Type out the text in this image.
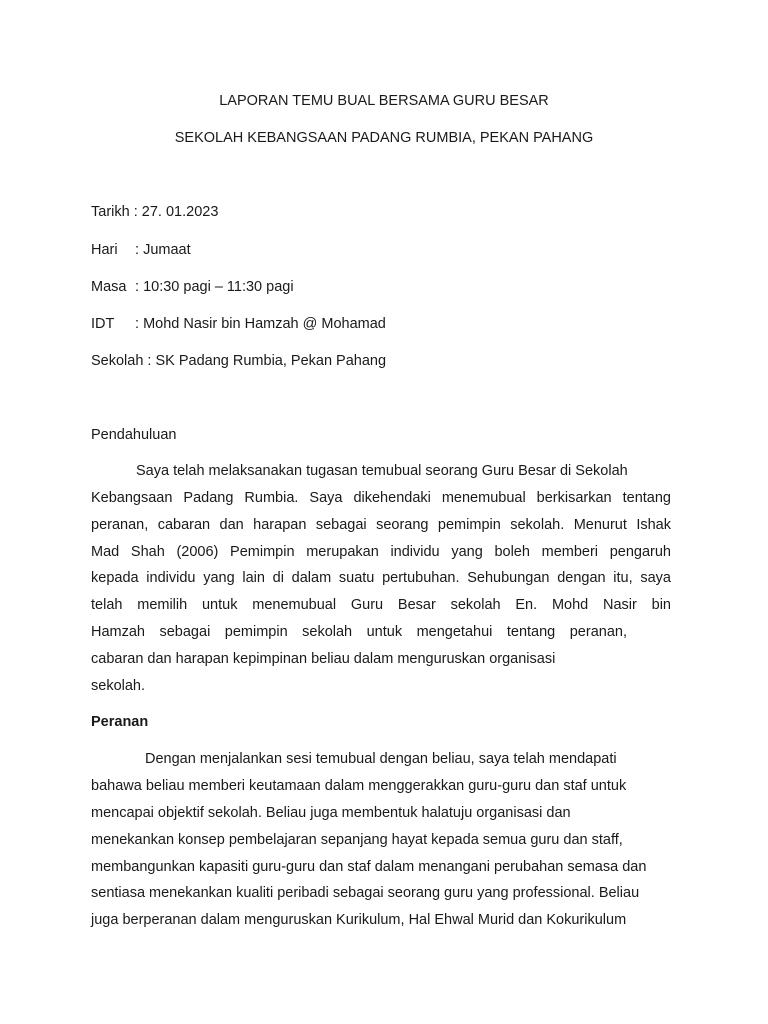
LAPORAN TEMU BUAL BERSAMA GURU BESAR
SEKOLAH KEBANGSAAN PADANG RUMBIA, PEKAN PAHANG
Tarikh : 27. 01.2023
Hari : Jumaat
Masa : 10:30 pagi – 11:30 pagi
IDT : Mohd Nasir bin Hamzah @ Mohamad
Sekolah : SK Padang Rumbia, Pekan Pahang
Pendahuluan
Saya telah melaksanakan tugasan temubual seorang Guru Besar di Sekolah
Kebangsaan Padang Rumbia. Saya dikehendaki menemubual berkisarkan tentang
peranan, cabaran dan harapan sebagai seorang pemimpin sekolah. Menurut Ishak
Mad Shah (2006) Pemimpin merupakan individu yang boleh memberi pengaruh
kepada individu yang lain di dalam suatu pertubuhan. Sehubungan dengan itu, saya
telah memilih untuk menemubual Guru Besar sekolah En. Mohd Nasir bin
Hamzah sebagai pemimpin sekolah untuk mengetahui tentang peranan,
cabaran dan harapan kepimpinan beliau dalam menguruskan organisasi
sekolah.
Peranan
Dengan menjalankan sesi temubual dengan beliau, saya telah mendapati
bahawa beliau memberi keutamaan dalam menggerakkan guru-guru dan staf untuk
mencapai objektif sekolah. Beliau juga membentuk halatuju organisasi dan
menekankan konsep pembelajaran sepanjang hayat kepada semua guru dan staff,
membangunkan kapasiti guru-guru dan staf dalam menangani perubahan semasa dan
sentiasa menekankan kualiti peribadi sebagai seorang guru yang professional. Beliau
juga berperanan dalam menguruskan Kurikulum, Hal Ehwal Murid dan Kokurikulum
